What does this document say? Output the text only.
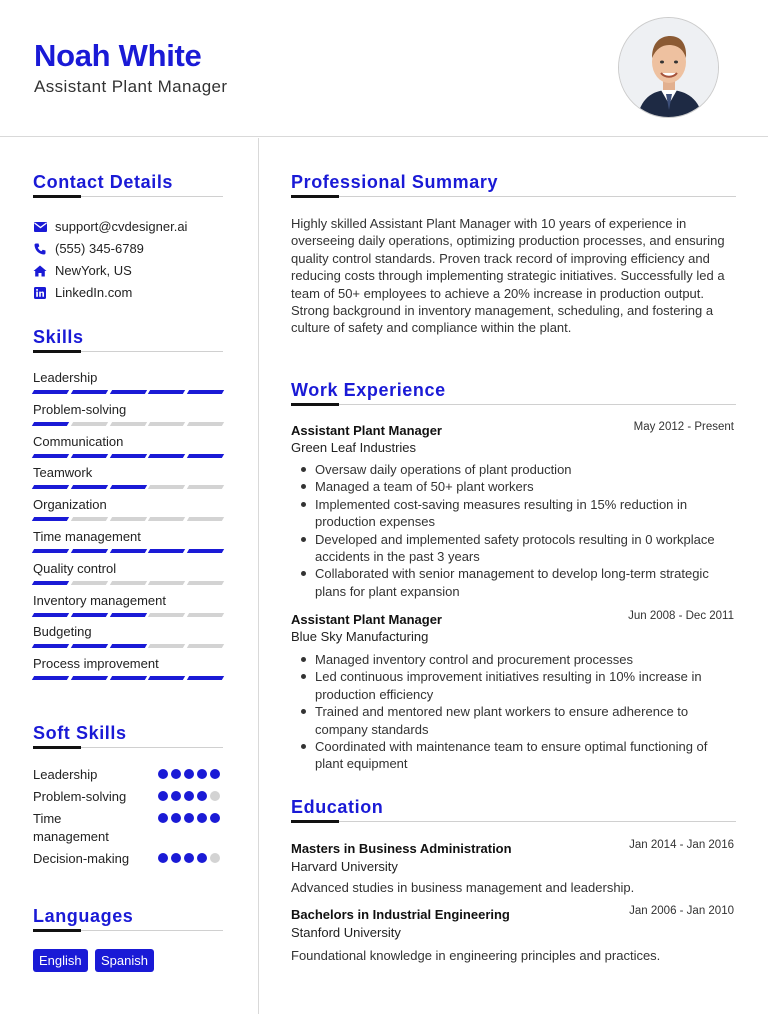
Noah White
Assistant Plant Manager
Contact Details
support@cvdesigner.ai
(555) 345-6789
NewYork, US
LinkedIn.com
Skills
Leadership
Problem-solving
Communication
Teamwork
Organization
Time management
Quality control
Inventory management
Budgeting
Process improvement
Soft Skills
Leadership
Problem-solving
Time management
Decision-making
Languages
English	Spanish
Professional Summary
Highly skilled Assistant Plant Manager with 10 years of experience in overseeing daily operations, optimizing production processes, and ensuring quality control standards. Proven track record of improving efficiency and reducing costs through implementing strategic initiatives. Successfully led a team of 50+ employees to achieve a 20% increase in production output. Strong background in inventory management, scheduling, and fostering a culture of safety and compliance within the plant.
Work Experience
Assistant Plant Manager	May 2012 - Present
Green Leaf Industries
Oversaw daily operations of plant production
Managed a team of 50+ plant workers
Implemented cost-saving measures resulting in 15% reduction in production expenses
Developed and implemented safety protocols resulting in 0 workplace accidents in the past 3 years
Collaborated with senior management to develop long-term strategic plans for plant expansion
Assistant Plant Manager	Jun 2008 - Dec 2011
Blue Sky Manufacturing
Managed inventory control and procurement processes
Led continuous improvement initiatives resulting in 10% increase in production efficiency
Trained and mentored new plant workers to ensure adherence to company standards
Coordinated with maintenance team to ensure optimal functioning of plant equipment
Education
Masters in Business Administration	Jan 2014 - Jan 2016
Harvard University
Advanced studies in business management and leadership.
Bachelors in Industrial Engineering	Jan 2006 - Jan 2010
Stanford University
Foundational knowledge in engineering principles and practices.
